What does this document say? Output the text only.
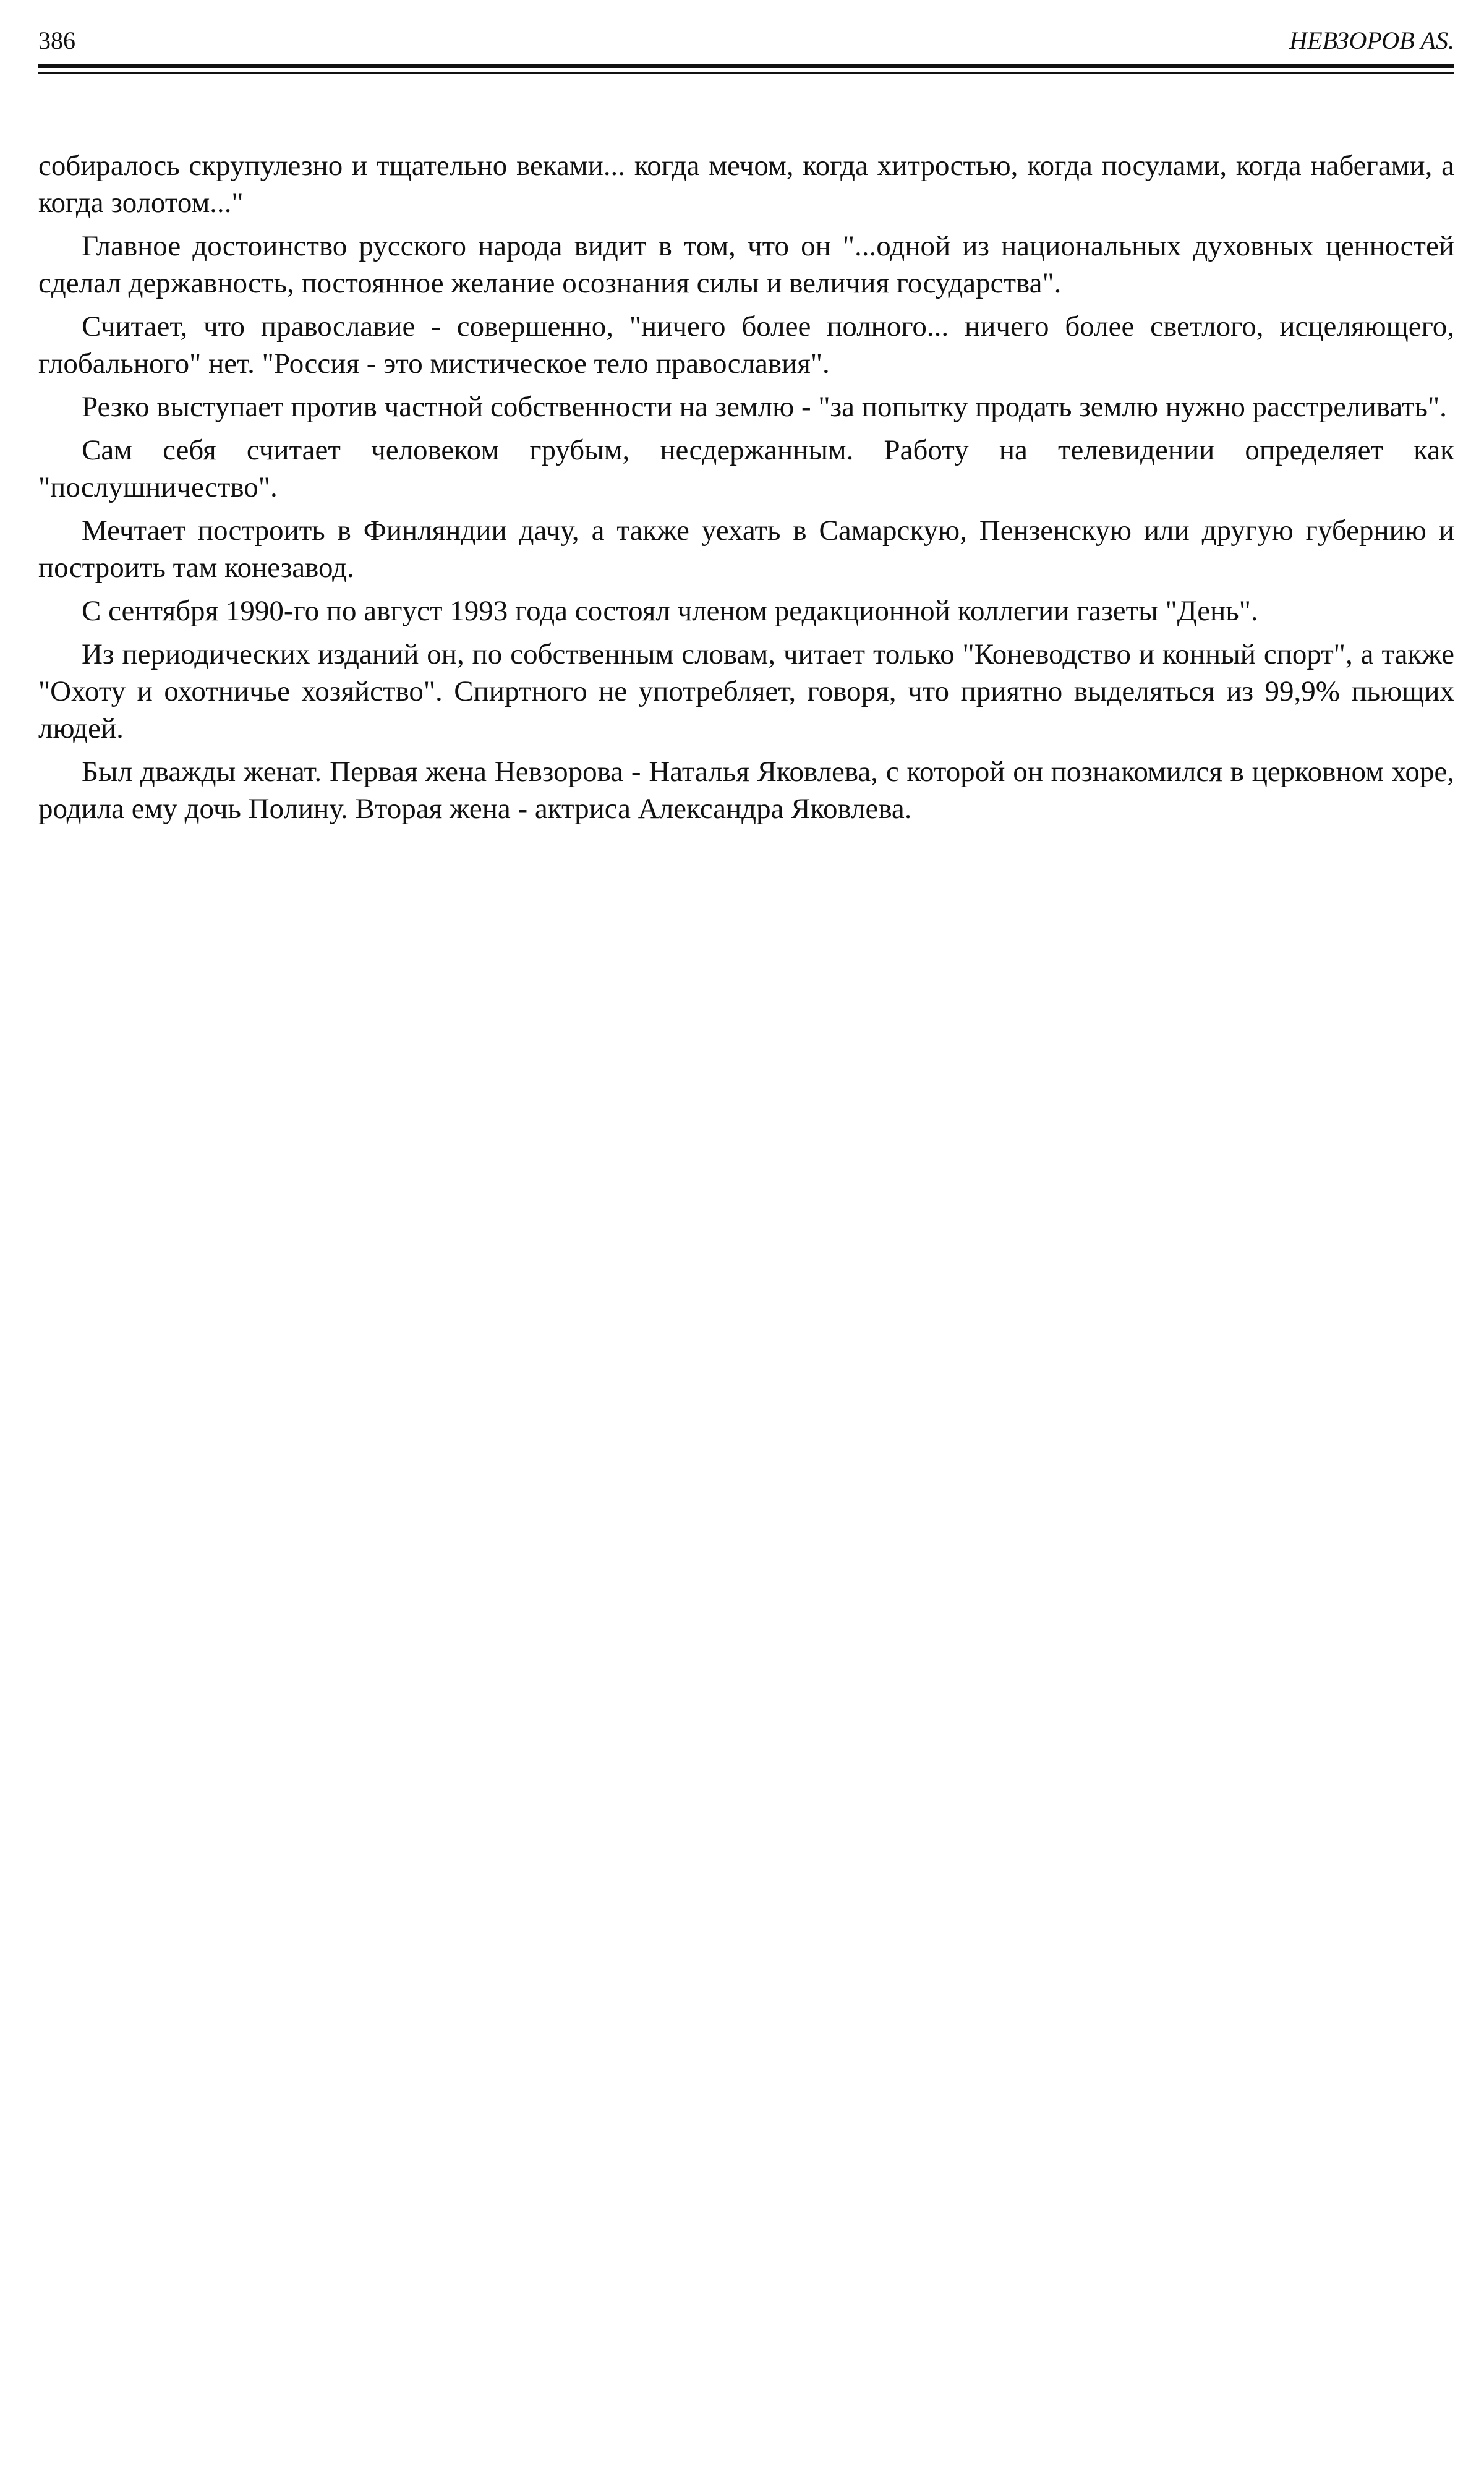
386	НЕВЗОРОВ АS.

собиралось скрупулезно и тщательно веками... когда мечом, когда хитростью, когда посулами, когда набегами, а когда золотом..."

Главное достоинство русского народа видит в том, что он "...одной из национальных духовных ценностей сделал державность, постоянное желание осознания силы и величия государства".

Считает, что православие - совершенно, "ничего более полного... ничего более светлого, исцеляющего, глобального" нет. "Россия - это мистическое тело православия".

Резко выступает против частной собственности на землю - "за попытку продать землю нужно расстреливать".

Сам себя считает человеком грубым, несдержанным. Работу на телевидении определяет как "послушничество".

Мечтает построить в Финляндии дачу, а также уехать в Самарскую, Пензенскую или другую губернию и построить там конезавод.

С сентября 1990-го по август 1993 года состоял членом редакционной коллегии газеты "День".

Из периодических изданий он, по собственным словам, читает только "Коневодство и конный спорт", а также "Охоту и охотничье хозяйство". Спиртного не употребляет, говоря, что приятно выделяться из 99,9% пьющих людей.

Был дважды женат. Первая жена Невзорова - Наталья Яковлева, с которой он познакомился в церковном хоре, родила ему дочь Полину. Вторая жена - актриса Александра Яковлева.
